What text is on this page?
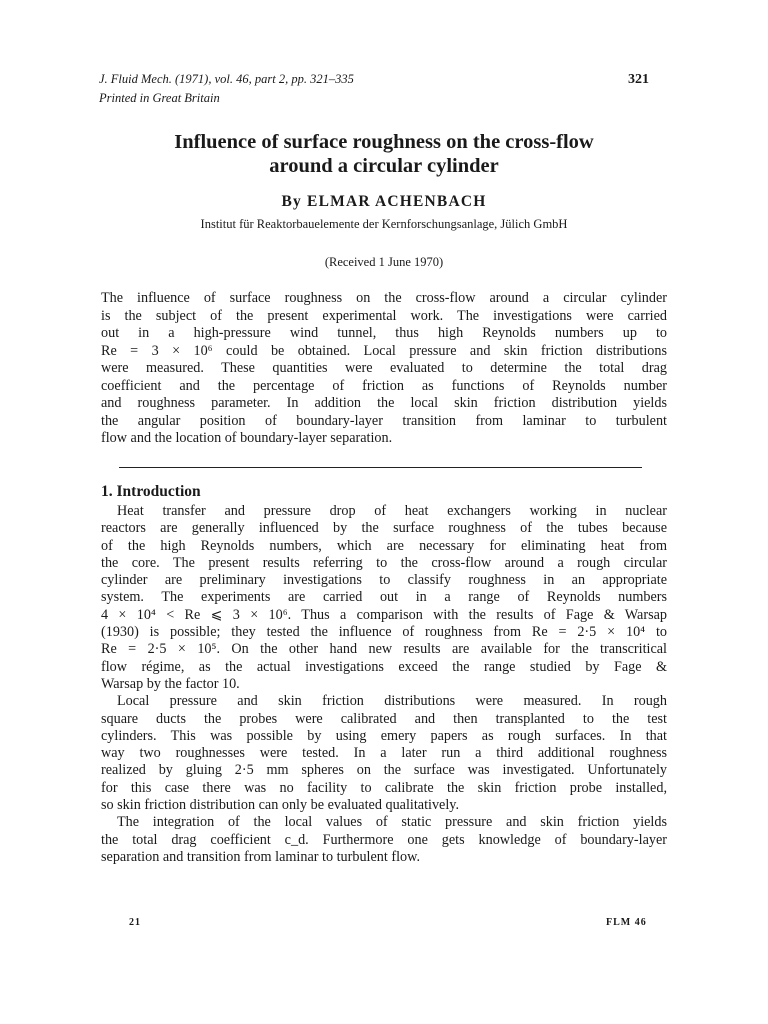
J. Fluid Mech. (1971), vol. 46, part 2, pp. 321–335
Printed in Great Britain
321
Influence of surface roughness on the cross-flow
around a circular cylinder
By ELMAR ACHENBACH
Institut für Reaktorbauelemente der Kernforschungsanlage, Jülich GmbH
(Received 1 June 1970)
The influence of surface roughness on the cross-flow around a circular cylinder
is the subject of the present experimental work. The investigations were carried
out in a high-pressure wind tunnel, thus high Reynolds numbers up to
Re = 3 × 10⁶ could be obtained. Local pressure and skin friction distributions
were measured. These quantities were evaluated to determine the total drag
coefficient and the percentage of friction as functions of Reynolds number
and roughness parameter. In addition the local skin friction distribution yields
the angular position of boundary-layer transition from laminar to turbulent
flow and the location of boundary-layer separation.
1. Introduction
Heat transfer and pressure drop of heat exchangers working in nuclear
reactors are generally influenced by the surface roughness of the tubes because
of the high Reynolds numbers, which are necessary for eliminating heat from
the core. The present results referring to the cross-flow around a rough circular
cylinder are preliminary investigations to classify roughness in an appropriate
system. The experiments are carried out in a range of Reynolds numbers
4 × 10⁴ < Re ⩽ 3 × 10⁶. Thus a comparison with the results of Fage & Warsap
(1930) is possible; they tested the influence of roughness from Re = 2·5 × 10⁴ to
Re = 2·5 × 10⁵. On the other hand new results are available for the transcritical
flow régime, as the actual investigations exceed the range studied by Fage &
Warsap by the factor 10.
Local pressure and skin friction distributions were measured. In rough
square ducts the probes were calibrated and then transplanted to the test
cylinders. This was possible by using emery papers as rough surfaces. In that
way two roughnesses were tested. In a later run a third additional roughness
realized by gluing 2·5 mm spheres on the surface was investigated. Unfortunately
for this case there was no facility to calibrate the skin friction probe installed,
so skin friction distribution can only be evaluated qualitatively.
The integration of the local values of static pressure and skin friction yields
the total drag coefficient c_d. Furthermore one gets knowledge of boundary-layer
separation and transition from laminar to turbulent flow.
21	FLM 46
